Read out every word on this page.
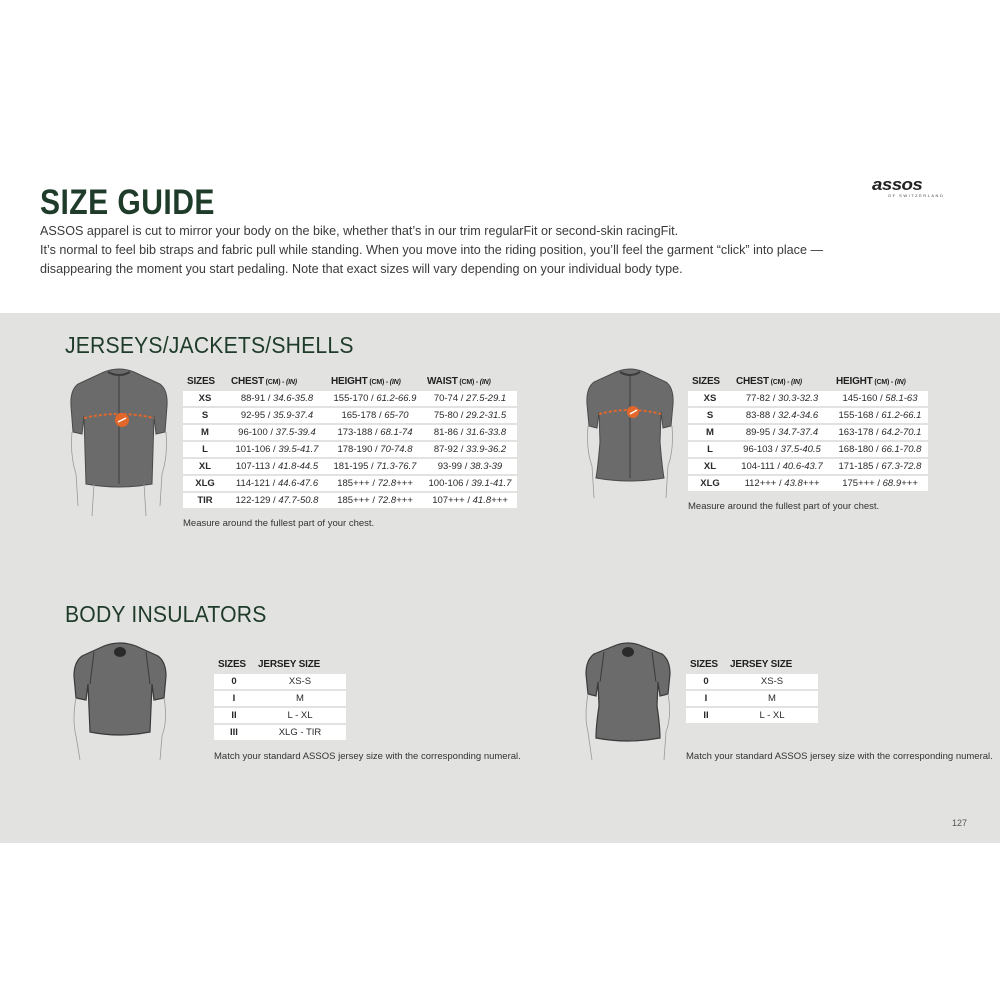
SIZE GUIDE

ASSOS apparel is cut to mirror your body on the bike, whether that’s in our trim regularFit or second-skin racingFit.

It’s normal to feel bib straps and fabric pull while standing. When you move into the riding position, you’ll feel the garment “click” into place —

disappearing the moment you start pedaling. Note that exact sizes will vary depending on your individual body type.

assos
OF SWITZERLAND
JERSEYS/JACKETS/SHELLS
SIZES	CHEST (CM) - (IN)	HEIGHT (CM) - (IN)	WAIST (CM) - (IN)
XS	88-91 / 34.6-35.8	155-170 / 61.2-66.9	70-74 / 27.5-29.1
S	92-95 / 35.9-37.4	165-178 / 65-70	75-80 / 29.2-31.5
M	96-100 / 37.5-39.4	173-188 / 68.1-74	81-86 / 31.6-33.8
L	101-106 / 39.5-41.7	178-190 / 70-74.8	87-92 / 33.9-36.2
XL	107-113 / 41.8-44.5	181-195 / 71.3-76.7	93-99 / 38.3-39
XLG	114-121 / 44.6-47.6	185+++ / 72.8+++	100-106 / 39.1-41.7
TIR	122-129 / 47.7-50.8	185+++ / 72.8+++	107+++ / 41.8+++
Measure around the fullest part of your chest.
SIZES	CHEST (CM) - (IN)	HEIGHT (CM) - (IN)
XS	77-82 / 30.3-32.3	145-160 / 58.1-63
S	83-88 / 32.4-34.6	155-168 / 61.2-66.1
M	89-95 / 34.7-37.4	163-178 / 64.2-70.1
L	96-103 / 37.5-40.5	168-180 / 66.1-70.8
XL	104-111 / 40.6-43.7	171-185 / 67.3-72.8
XLG	112+++ / 43.8+++	175+++ / 68.9+++
Measure around the fullest part of your chest.
BODY INSULATORS
SIZES	JERSEY SIZE
0	XS-S
I	M
II	L - XL
III	XLG - TIR
Match your standard ASSOS jersey size with the corresponding numeral.
SIZES	JERSEY SIZE
0	XS-S
I	M
II	L - XL
Match your standard ASSOS jersey size with the corresponding numeral.
127
